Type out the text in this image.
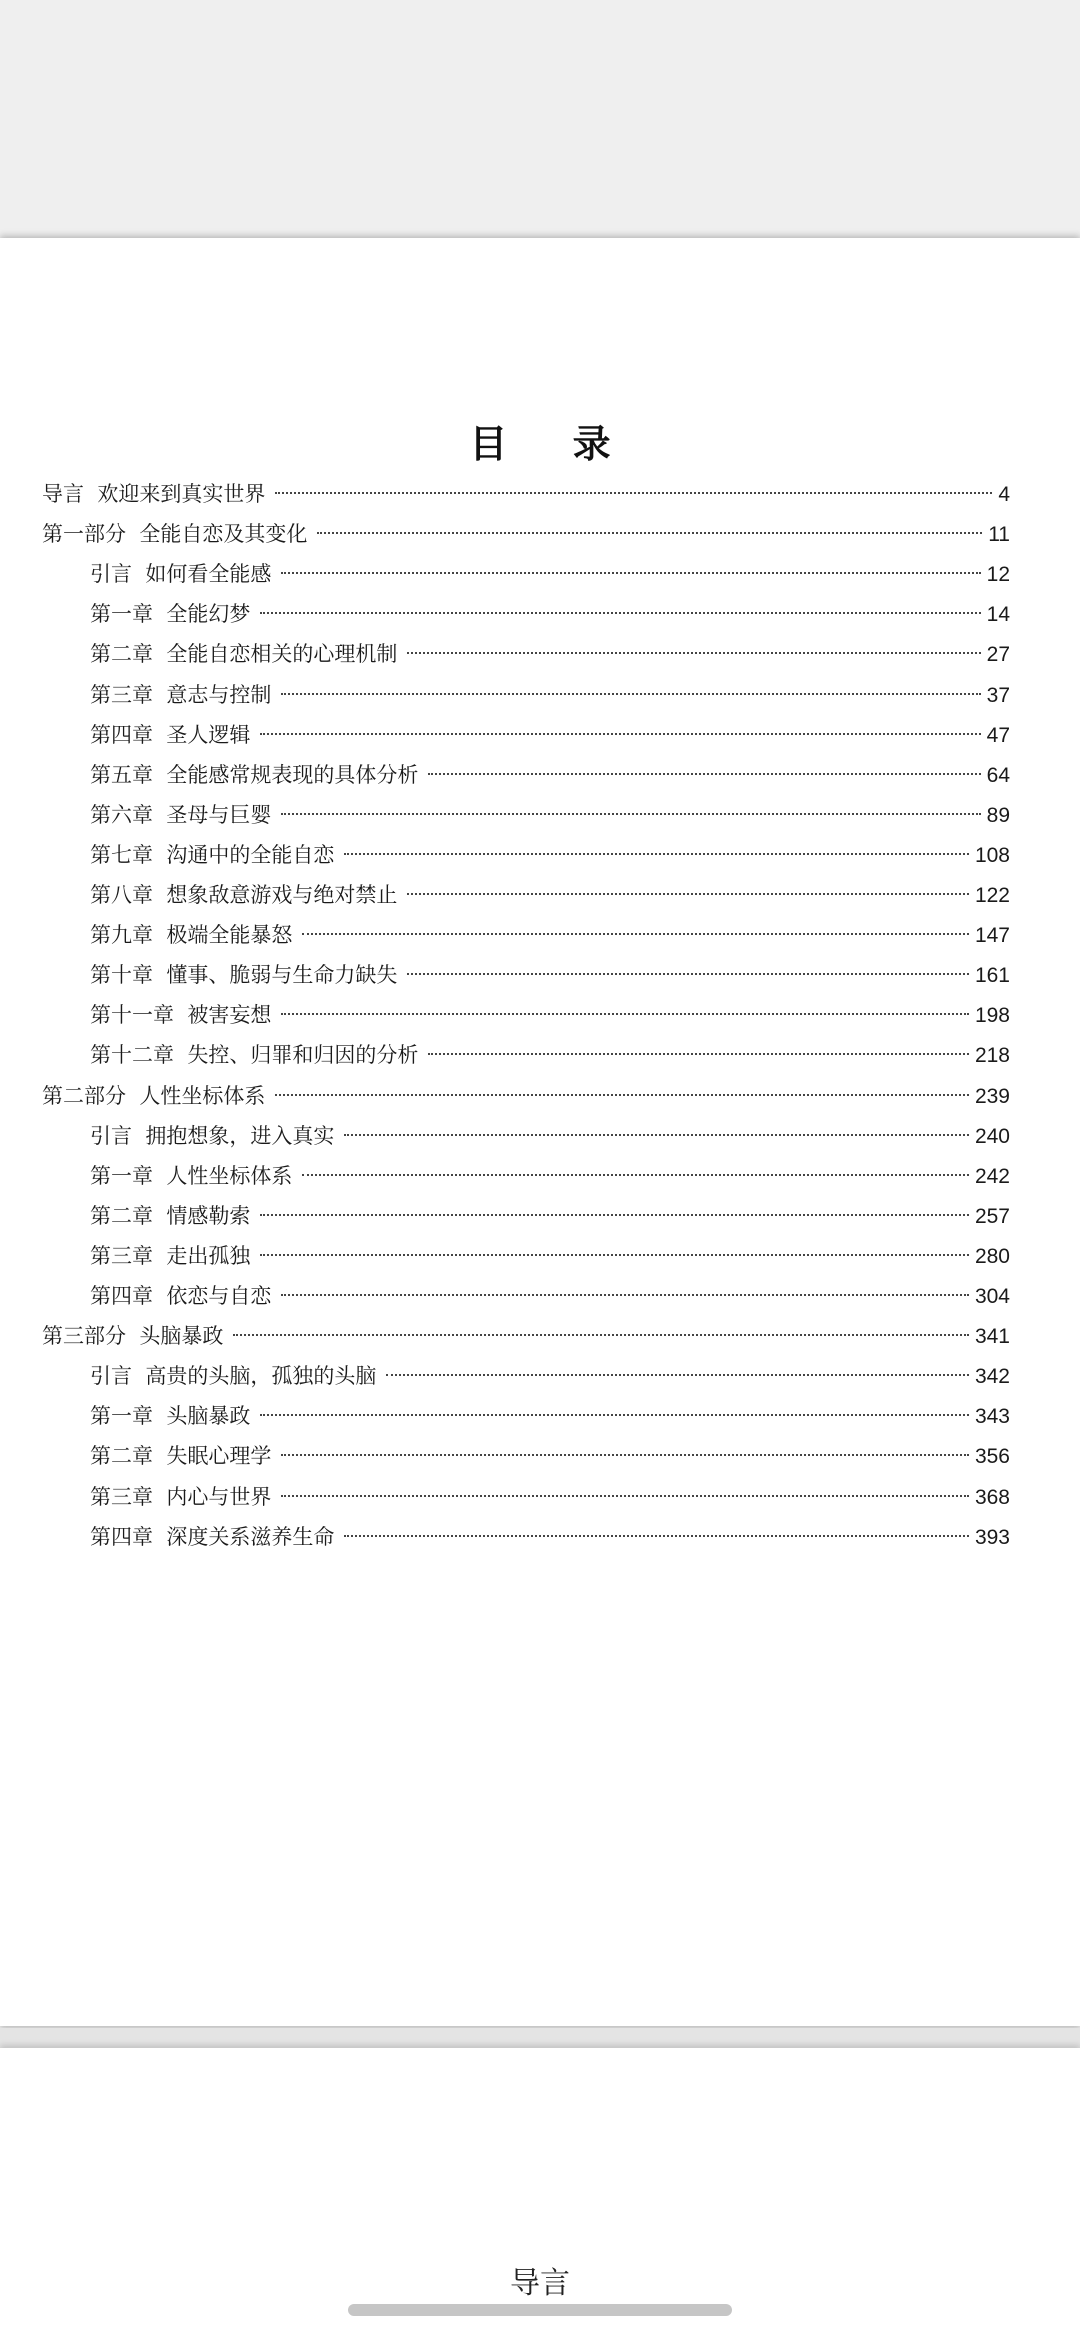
目 录
导言  欢迎来到真实世界	4
第一部分  全能自恋及其变化	11
引言  如何看全能感	12
第一章  全能幻梦	14
第二章  全能自恋相关的心理机制	27
第三章  意志与控制	37
第四章  圣人逻辑	47
第五章  全能感常规表现的具体分析	64
第六章  圣母与巨婴	89
第七章  沟通中的全能自恋	108
第八章  想象敌意游戏与绝对禁止	122
第九章  极端全能暴怒	147
第十章  懂事、脆弱与生命力缺失	161
第十一章  被害妄想	198
第十二章  失控、归罪和归因的分析	218
第二部分  人性坐标体系	239
引言  拥抱想象，进入真实	240
第一章  人性坐标体系	242
第二章  情感勒索	257
第三章  走出孤独	280
第四章  依恋与自恋	304
第三部分  头脑暴政	341
引言  高贵的头脑，孤独的头脑	342
第一章  头脑暴政	343
第二章  失眠心理学	356
第三章  内心与世界	368
第四章  深度关系滋养生命	393
导言
